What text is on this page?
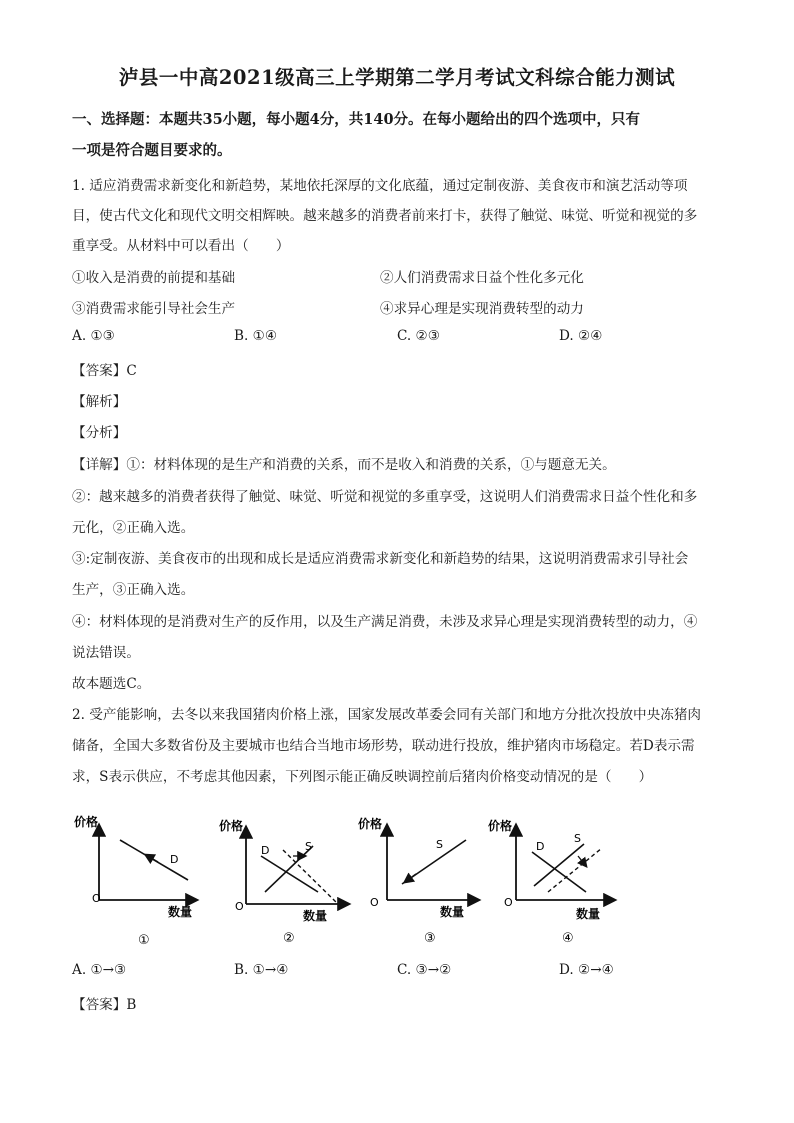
泸县一中高2021级高三上学期第二学月考试文科综合能力测试
一、选择题：本题共35小题，每小题4分，共140分。在每小题给出的四个选项中，只有
一项是符合题目要求的。
1. 适应消费需求新变化和新趋势，某地依托深厚的文化底蕴，通过定制夜游、美食夜市和演艺活动等项
目，使古代文化和现代文明交相辉映。越来越多的消费者前来打卡，获得了触觉、味觉、听觉和视觉的多
重享受。从材料中可以看出（　　）
①收入是消费的前提和基础	②人们消费需求日益个性化多元化
③消费需求能引导社会生产	④求异心理是实现消费转型的动力
A. ①③	B. ①④	C. ②③	D. ②④
【答案】C
【解析】
【分析】
【详解】①：材料体现的是生产和消费的关系，而不是收入和消费的关系，①与题意无关。
②：越来越多的消费者获得了触觉、味觉、听觉和视觉的多重享受，这说明人们消费需求日益个性化和多
元化，②正确入选。
③:定制夜游、美食夜市的出现和成长是适应消费需求新变化和新趋势的结果，这说明消费需求引导社会
生产，③正确入选。
④：材料体现的是消费对生产的反作用，以及生产满足消费，未涉及求异心理是实现消费转型的动力，④
说法错误。
故本题选C。
2. 受产能影响，去冬以来我国猪肉价格上涨，国家发展改革委会同有关部门和地方分批次投放中央冻猪肉
储备，全国大多数省份及主要城市也结合当地市场形势，联动进行投放，维护猪肉市场稳定。若D表示需
求，S表示供应，不考虑其他因素，下列图示能正确反映调控前后猪肉价格变动情况的是（　　）
价格
O
数量
D
①
价格
O
数量
D	S
②
价格
O
数量
S
③
价格
O
数量
D
S
④
A. ①→③	B. ①→④	C. ③→②	D. ②→④
【答案】B
